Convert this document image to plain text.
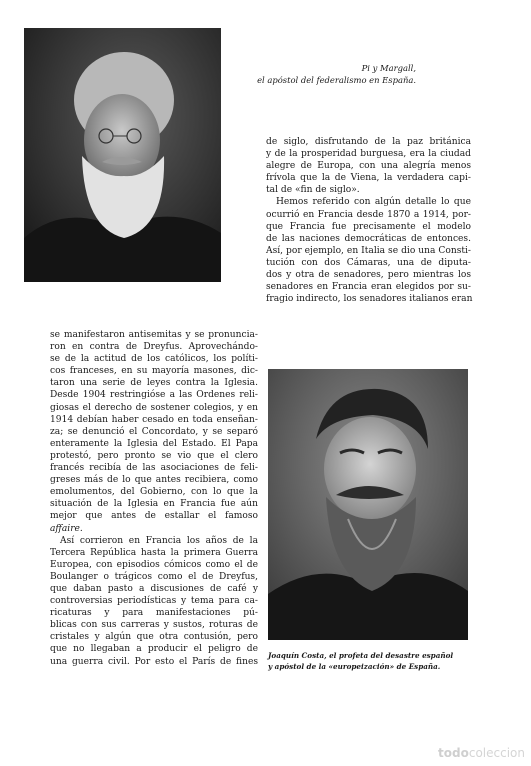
Pi y Margall,
el apóstol del federalismo en España.
de siglo, disfrutando de la paz británica
y de la prosperidad burguesa, era la ciudad
alegre de Europa, con una alegría menos
frívola que la de Viena, la verdadera capi-
tal de «fin de siglo».
Hemos referido con algún detalle lo que
ocurrió en Francia desde 1870 a 1914, por-
que Francia fue precisamente el modelo
de las naciones democráticas de entonces.
Así, por ejemplo, en Italia se dio una Consti-
tución con dos Cámaras, una de diputa-
dos y otra de senadores, pero mientras los
senadores en Francia eran elegidos por su-
fragio indirecto, los senadores italianos eran
se manifestaron antisemitas y se pronuncia-
ron en contra de Dreyfus. Aprovechándo-
se de la actitud de los católicos, los políti-
cos franceses, en su mayoría masones, dic-
taron una serie de leyes contra la Iglesia.
Desde 1904 restringióse a las Ordenes reli-
giosas el derecho de sostener colegios, y en
1914 debían haber cesado en toda enseñan-
za; se denunció el Concordato, y se separó
enteramente la Iglesia del Estado. El Papa
protestó, pero pronto se vio que el clero
francés recibía de las asociaciones de feli-
greses más de lo que antes recibiera, como
emolumentos, del Gobierno, con lo que la
situación de la Iglesia en Francia fue aún
mejor que antes de estallar el famoso
affaire.
Así corrieron en Francia los años de la
Tercera República hasta la primera Guerra
Europea, con episodios cómicos como el de
Boulanger o trágicos como el de Dreyfus,
que daban pasto a discusiones de café y
controversias periodísticas y tema para ca-
ricaturas y para manifestaciones pú-
blicas con sus carreras y sustos, roturas de
cristales y algún que otra contusión, pero
que no llegaban a producir el peligro de
una guerra civil. Por esto el París de fines
Joaquín Costa, el profeta del desastre español
y apóstol de la «europeización» de España.
todocoleccion
